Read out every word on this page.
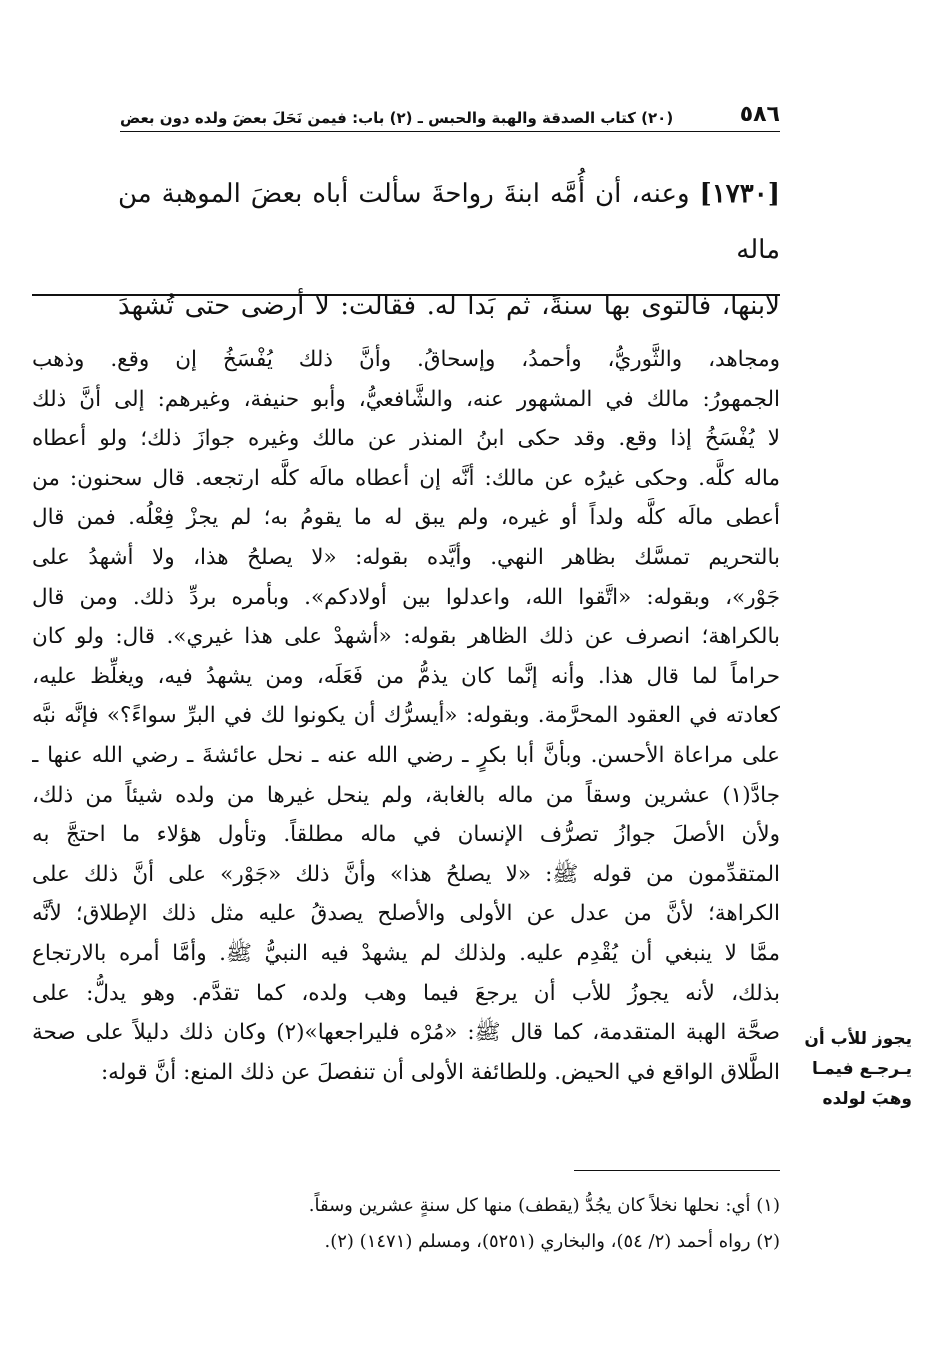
٥٨٦
(٢٠) كتاب الصدقة والهبة والحبس ـ (٢) باب: فيمن نَحَلَ بعضَ ولده دون بعض
[١٧٣٠] وعنه، أن أُمَّه ابنةَ رواحةَ سألت أباه بعضَ الموهبة من ماله
لابنها، فالتوى بها سنةً، ثم بَدا له. فقالت: لا أرضى حتى تُشهدَ
ومجاهد، والثَّوريُّ، وأحمدُ، وإسحاقُ. وأنَّ ذلك يُفْسَخُ إن وقع. وذهب
الجمهورُ: مالك في المشهور عنه، والشَّافعيُّ، وأبو حنيفة، وغيرهم: إلى أنَّ ذلك
لا يُفْسَخُ إذا وقع. وقد حكى ابنُ المنذر عن مالك وغيره جوازَ ذلك؛ ولو أعطاه
ماله كلَّه. وحكى غيرُه عن مالك: أنَّه إن أعطاه مالَه كلَّه ارتجعه. قال سحنون: من
أعطى مالَه كلَّه ولداً أو غيره، ولم يبق له ما يقومُ به؛ لم يجزْ فِعْلُه. فمن قال
بالتحريم تمسَّك بظاهر النهي. وأيَّده بقوله: «لا يصلحُ هذا، ولا أشهدُ على
جَوْر»، وبقوله: «اتَّقوا الله، واعدلوا بين أولادكم». وبأمره بردِّ ذلك. ومن قال
بالكراهة؛ انصرف عن ذلك الظاهر بقوله: «أشهدْ على هذا غيري». قال: ولو كان
حراماً لما قال هذا. وأنه إنَّما كان يذمُّ من فَعَلَه، ومن يشهدُ فيه، ويغلِّظ عليه،
كعادته في العقود المحرَّمة. وبقوله: «أيسرُّك أن يكونوا لك في البرِّ سواءً؟» فإنَّه نبَّه
على مراعاة الأحسن. وبأنَّ أبا بكرٍ ـ رضي الله عنه ـ نحل عائشةَ ـ رضي الله عنها ـ
جادَّ(١) عشرين وسقاً من ماله بالغابة، ولم ينحل غيرها من ولده شيئاً من ذلك،
ولأن الأصلَ جوازُ تصرُّف الإنسان في ماله مطلقاً. وتأول هؤلاء ما احتجَّ به
المتقدِّمون من قوله ﷺ: «لا يصلحُ هذا» وأنَّ ذلك «جَوْر» على أنَّ ذلك على
الكراهة؛ لأنَّ من عدل عن الأولى والأصلح يصدقُ عليه مثل ذلك الإطلاق؛ لأنَّه
ممَّا لا ينبغي أن يُقْدِم عليه. ولذلك لم يشهدْ فيه النبيُّ ﷺ. وأمَّا أمره بالارتجاع
بذلك، لأنه يجوزُ للأب أن يرجعَ فيما وهب ولده، كما تقدَّم. وهو يدلُّ: على
صحَّة الهبة المتقدمة، كما قال ﷺ: «مُرْه فليراجعها»(٢) وكان ذلك دليلاً على صحة
الطَّلاق الواقع في الحيض. وللطائفة الأولى أن تنفصلَ عن ذلك المنع: أنَّ قوله:
يجوز للأب أن
يـرجـع فيمـا
وهبَ لولده
(١) أي: نحلها نخلاً كان يجُدُّ (يقطف) منها كل سنةٍ عشرين وسقاً.
(٢) رواه أحمد (٢/ ٥٤)، والبخاري (٥٢٥١)، ومسلم (١٤٧١) (٢).
